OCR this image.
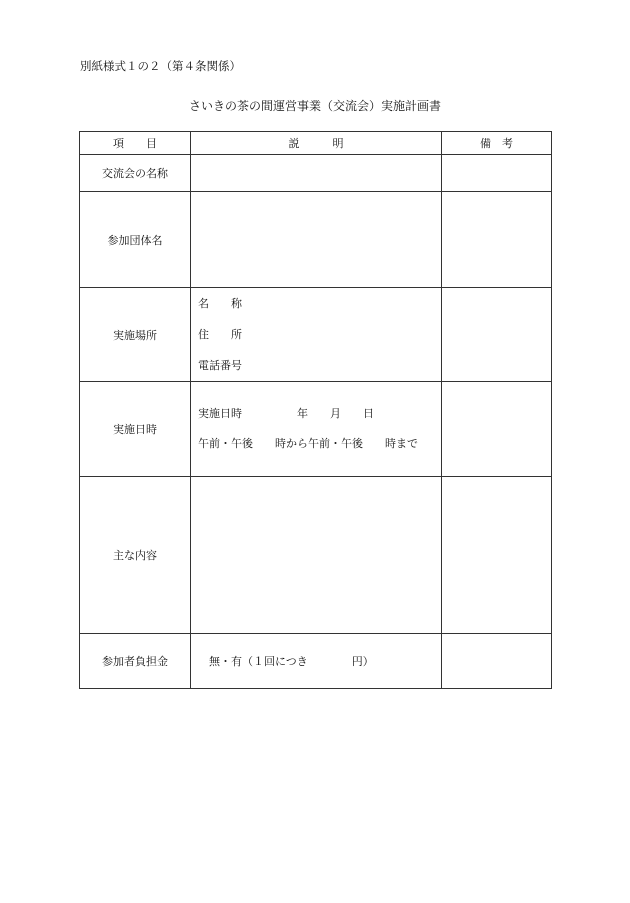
別紙様式１の２（第４条関係）
さいきの茶の間運営事業（交流会）実施計画書
項　　目	説　　　明	備　考
交流会の名称		
参加団体名		
実施場所	名　　称
住　　所
電話番号	

実施日時	実施日時　　　　　年　　月　　日
午前・午後　　時から午前・午後　　時まで	

主な内容		
参加者負担金	無・有（１回につき　　　　円）	
